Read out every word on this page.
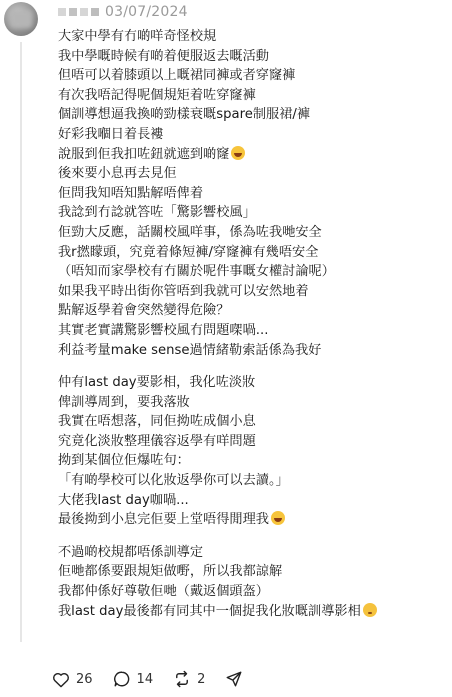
03/07/2024
大家中學有冇啲咩奇怪校規
我中學嘅時候有啲着便服返去嘅活動
但唔可以着膝頭以上嘅裙同褲或者穿窿褲
有次我唔記得呢個規矩着咗穿窿褲
個訓導想逼我換啲勁樣衰嘅spare制服裙/褲
好彩我嗰日着長褸
說服到佢我扣咗鈕就遮到啲窿
後來要小息再去見佢
佢問我知唔知點解唔俾着
我諗到冇諗就答咗「驚影響校風」
佢勁大反應，話關校風咩事，係為咗我哋安全
我r撚矇頭，究竟着條短褲/穿窿褲有幾唔安全
（唔知而家學校有冇關於呢件事嘅女權討論呢）
如果我平時出街你管唔到我就可以安然地着
點解返學着會突然變得危險？
其實老實講驚影響校風冇問題㗎喎...
利益考量make sense過情緒勒索話係為我好
仲有last day要影相，我化咗淡妝
俾訓導周到，要我落妝
我實在唔想落，同佢拗咗成個小息
究竟化淡妝整理儀容返學有咩問題
拗到某個位佢爆咗句：
「有啲學校可以化妝返學你可以去讀。」
大佬我last day咖喎...
最後拗到小息完佢要上堂唔得閒理我
不過啲校規都唔係訓導定
佢哋都係要跟規矩做嘢，所以我都諒解
我都仲係好尊敬佢哋（戴返個頭盔）
我last day最後都有同其中一個捉我化妝嘅訓導影相
26	14	2
